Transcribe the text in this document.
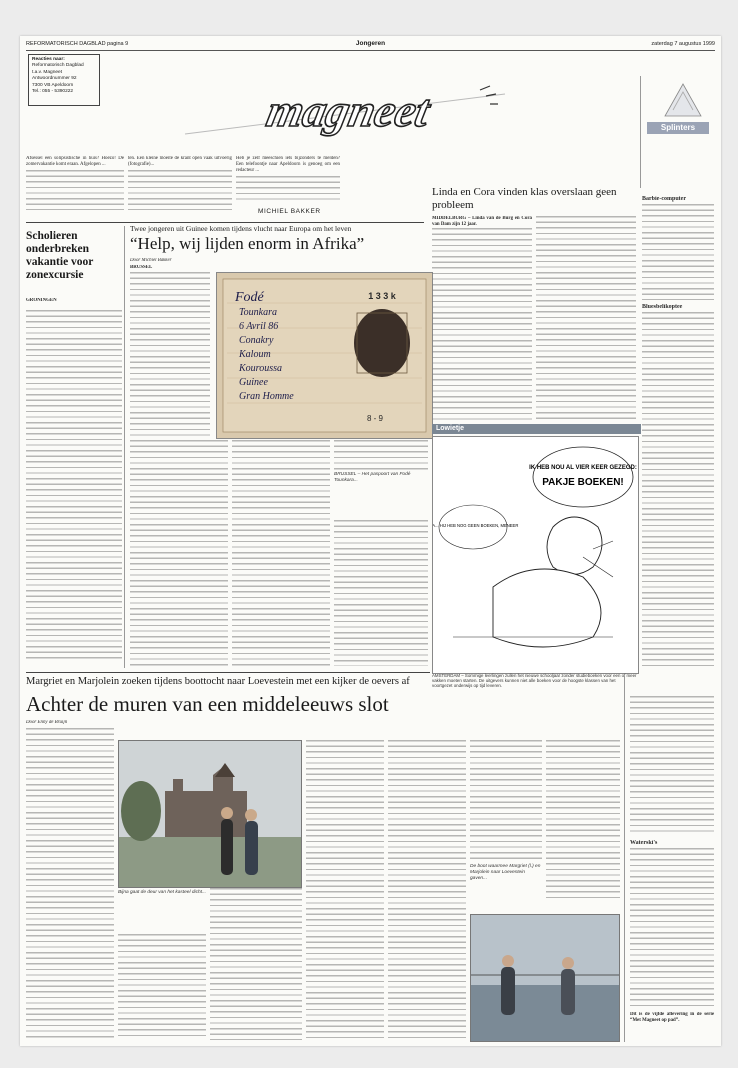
REFORMATORISCH DAGBLAD pagina 9	Jongeren	zaterdag 7 augustus 1999
Reacties naar:
Reformatorisch Dagblad
t.a.v. Magneet
Antwoordnummer 92
7300 VB Apeldoorn
Tel.: 055 - 5390222	magneet	Splinters
Afsessel een solipsistische in huis? Hoezo! De zomervakantie komt eraan. Afgelopen ...
ten. Een kleine moeite de krant open vaak uitvoerig (fotografie)...
Heb je zelf meeschien iets bijzonders te melden? Een telefoontje naar Apeldoorn is genoeg om een redacteur ...
MICHIEL BAKKER
Scholieren onderbreken vakantie voor zonexcursie
GRONINGEN
Twee jongeren uit Guinee komen tijdens vlucht naar Europa om het leven
“Help, wij lijden enorm in Afrika”
Door Michiel Bakker
BRUSSEL
1 3 3 k
Fodé
Tounkara
6 Avril 86
Conakry
Kaloum
Kouroussa
Guinee
Gran Homme
8 - 9
BRUSSEL – Het paspoort van Fodé Tounkara...
Linda en Cora vinden klas overslaan geen probleem
MIDDELBURG – Linda van de Burg en Cora van Dam zijn 12 jaar.
Barbie-computer
Bluesbelikoptee
Lowietje
IK HEB NOU AL VIER KEER GEZEGD:
PAKJE BOEKEN!
TJA... HIJ HEB NOG GEEN BOEKEN, MENEER
AMSTERDAM – Sommige leerlingen zullen het nieuwe schooljaar zonder studieboeken voor een of meer vakken moeten starten. De uitgevers kunnen niet alle boeken voor de hoogste klassen van het voortgezet onderwijs op tijd leveren.
Margriet en Marjolein zoeken tijdens boottocht naar Loevestein met een kijker de oevers af
Achter de muren van een middeleeuws slot
Door Enny de Bruijn
Bijna gaat de deur van het kasteel dicht...
De boot waarmee Margriet (l.) en Marjolein naar Loevestein gaven...
Waterski's
Dit is de vijfde aflevering in de serie “Met Magneet op pad”.
